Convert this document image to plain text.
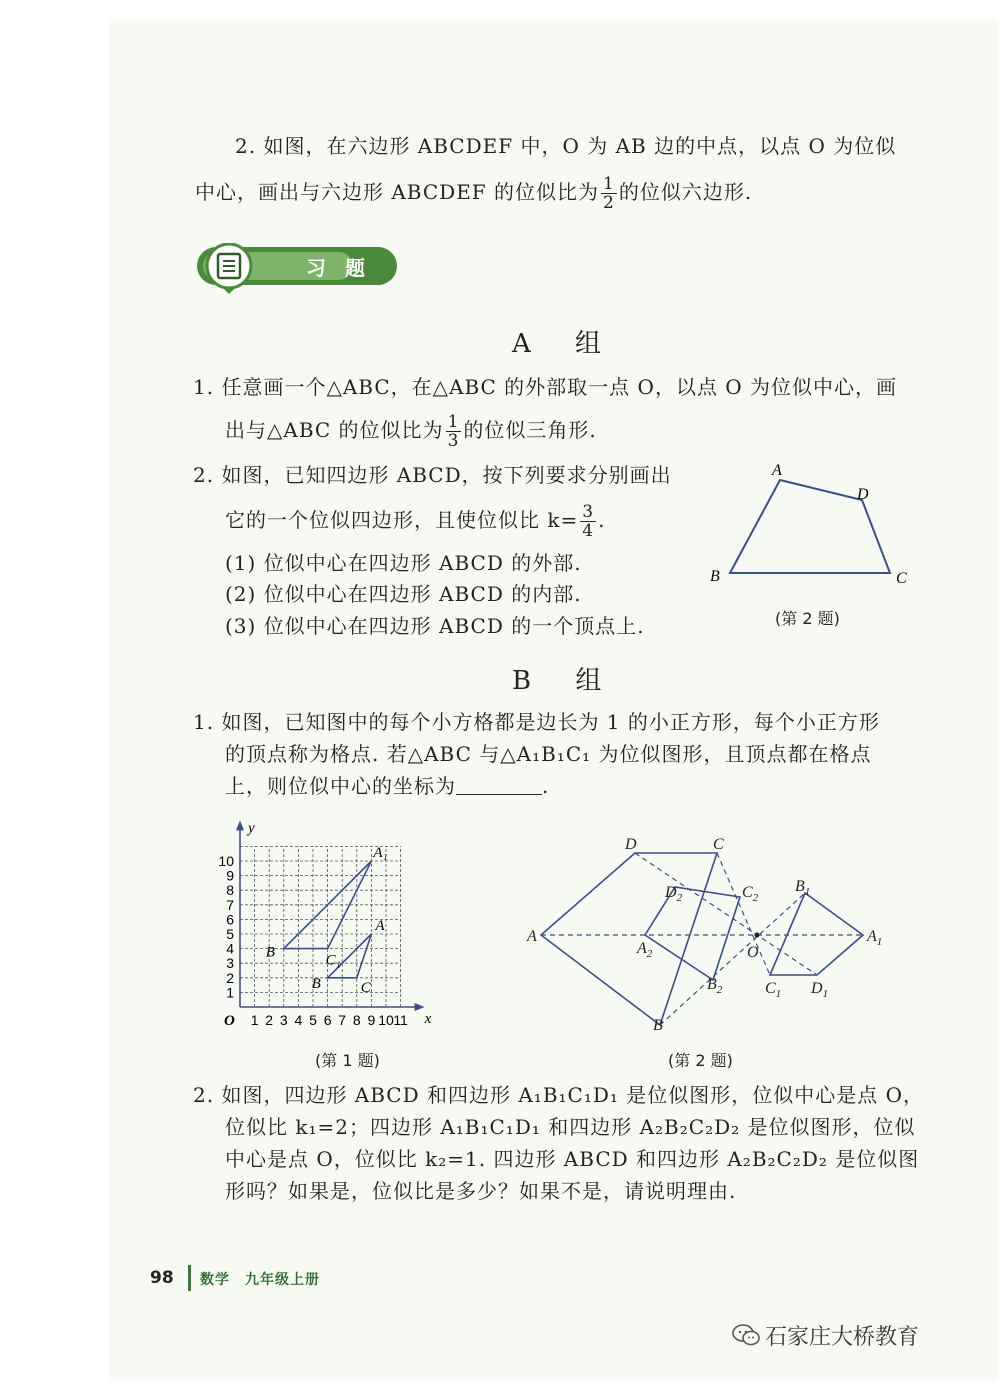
2. 如图，在六边形 ABCDEF 中，O 为 AB 边的中点，以点 O 为位似
中心，画出与六边形 ABCDEF 的位似比为 $\frac{1}{2}$ 的位似六边形.
习 题
A 组
1. 任意画一个△ABC，在△ABC 的外部取一点 O，以点 O 为位似中心，画
出与△ABC 的位似比为 $\frac{1}{3}$ 的位似三角形.
2. 如图，已知四边形 ABCD，按下列要求分别画出
它的一个位似四边形，且使位似比 $k= \frac{3}{4}$ .
(1) 位似中心在四边形 ABCD 的外部.
(2) 位似中心在四边形 ABCD 的内部.
(3) 位似中心在四边形 ABCD 的一个顶点上.
A
D
B	C
(第 2 题)
B 组
1. 如图，已知图中的每个小方格都是边长为 1 的小正方形，每个小正方形
的顶点称为格点. 若△ABC 与△A₁B₁C₁ 为位似图形，且顶点都在格点
上，则位似中心的坐标为	.
x
y
O 1 2 3 4 5 6 7 8 9 10 11
1
2
3
4
5
6
7
8
9
10	A₁
B	C₁
A
B	C
(第 1 题)
A
D	C
B
$D_2$	$C_2$
$A_2$
$B_2$
O
$B_1$
$A_1$
$C_1$ $D_1$
(第 2 题)
2. 如图，四边形 ABCD 和四边形 A₁B₁C₁D₁ 是位似图形，位似中心是点 O，
位似比 k₁=2；四边形 A₁B₁C₁D₁ 和四边形 A₂B₂C₂D₂ 是位似图形，位似
中心是点 O，位似比 k₂=1. 四边形 ABCD 和四边形 A₂B₂C₂D₂ 是位似图
形吗？如果是，位似比是多少？如果不是，请说明理由.
98 数学　九年级上册
石家庄大桥教育
